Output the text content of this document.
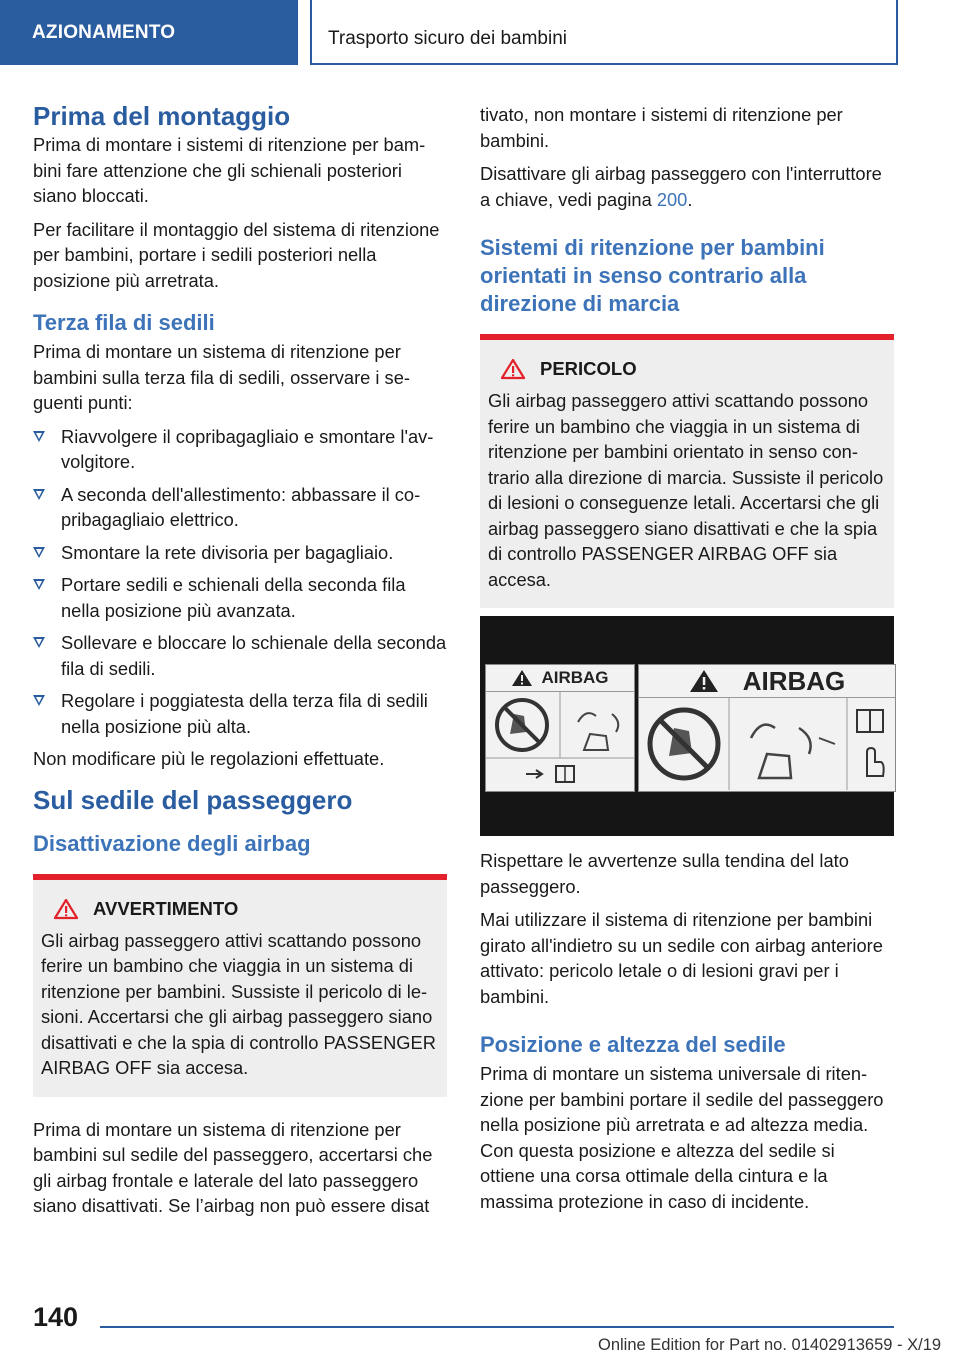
AZIONAMENTO	Trasporto sicuro dei bambini
Prima del montaggio

Prima di montare i sistemi di ritenzione per bambini fare attenzione che gli schienali posteriori siano bloccati.

Per facilitare il montaggio del sistema di ritenzione per bambini, portare i sedili posteriori nella posizione più arretrata.

Terza fila di sedili

Prima di montare un sistema di ritenzione per bambini sulla terza fila di sedili, osservare i seguenti punti:

Riavvolgere il copribagagliaio e smontare l'avvolgitore.
A seconda dell'allestimento: abbassare il copribagagliaio elettrico.
Smontare la rete divisoria per bagagliaio.
Portare sedili e schienali della seconda fila nella posizione più avanzata.
Sollevare e bloccare lo schienale della seconda fila di sedili.
Regolare i poggiatesta della terza fila di sedili nella posizione più alta.

Non modificare più le regolazioni effettuate.

Sul sedile del passeggero
Disattivazione degli airbag
AVVERTIMENTO

Gli airbag passeggero attivi scattando possono ferire un bambino che viaggia in un sistema di ritenzione per bambini. Sussiste il pericolo di lesioni. Accertarsi che gli airbag passeggero siano disattivati e che la spia di controllo PASSENGER AIRBAG OFF sia accesa.

Prima di montare un sistema di ritenzione per bambini sul sedile del passeggero, accertarsi che gli airbag frontale e laterale del lato passeggero siano disattivati. Se l’airbag non può essere disat

tivato, non montare i sistemi di ritenzione per bambini.

Disattivare gli airbag passeggero con l'interruttore a chiave, vedi pagina 200.

Sistemi di ritenzione per bambini orientati in senso contrario alla direzione di marcia
PERICOLO

Gli airbag passeggero attivi scattando possono ferire un bambino che viaggia in un sistema di ritenzione per bambini orientato in senso contrario alla direzione di marcia. Sussiste il pericolo di lesioni o conseguenze letali. Accertarsi che gli airbag passeggero siano disattivati e che la spia di controllo PASSENGER AIRBAG OFF sia accesa.

AIRBAG	AIRBAG

Rispettare le avvertenze sulla tendina del lato passeggero.

Mai utilizzare il sistema di ritenzione per bambini girato all'indietro su un sedile con airbag anteriore attivato: pericolo letale o di lesioni gravi per i bambini.

Posizione e altezza del sedile

Prima di montare un sistema universale di ritenzione per bambini portare il sedile del passeggero nella posizione più arretrata e ad altezza media. Con questa posizione e altezza del sedile si ottiene una corsa ottimale della cintura e la massima protezione in caso di incidente.

140
Online Edition for Part no. 01402913659 - X/19
